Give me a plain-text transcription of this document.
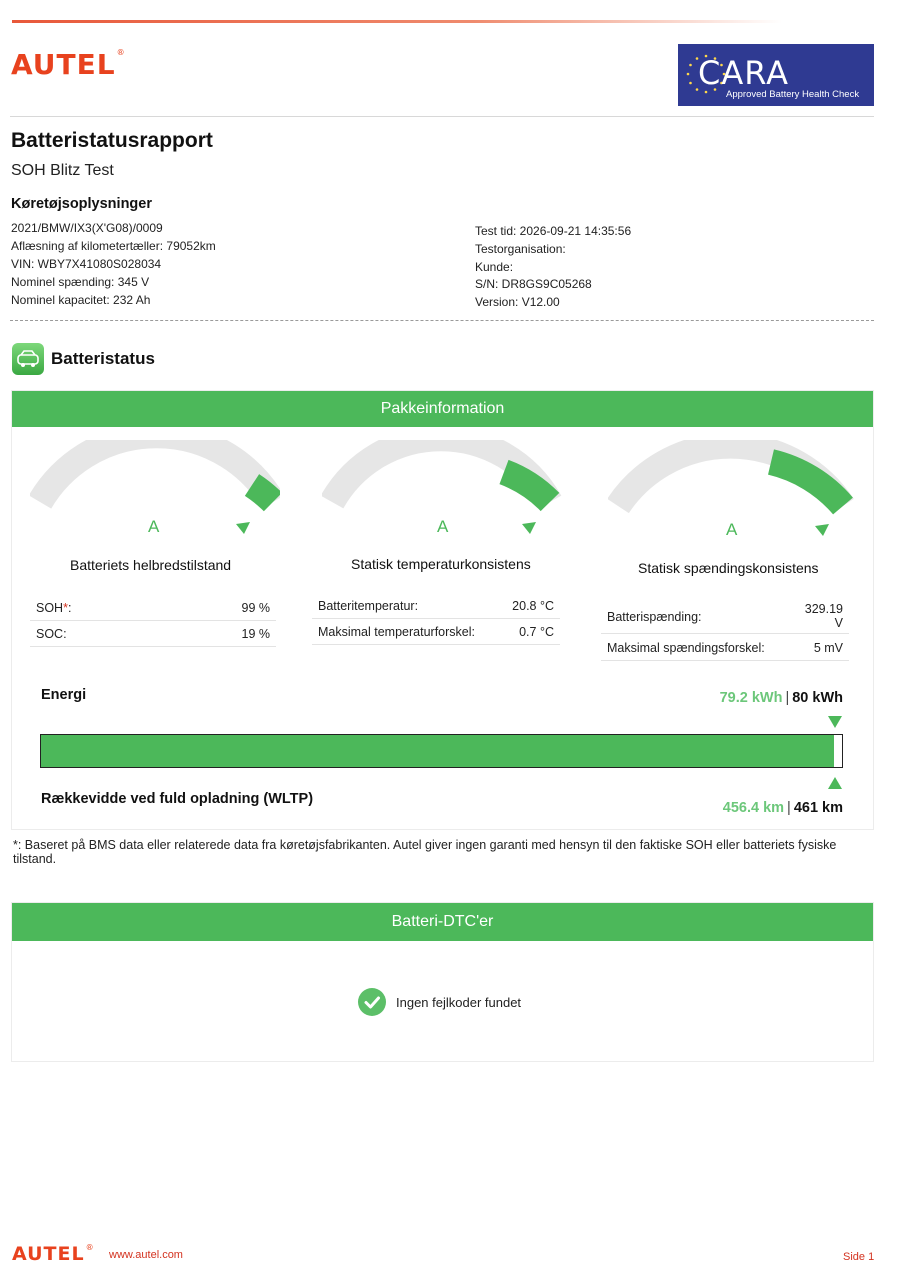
AUTEL®
CARA
Approved Battery Health Check
Batteristatusrapport
SOH Blitz Test
Køretøjsoplysninger
2021/BMW/IX3(X'G08)/0009
Aflæsning af kilometertæller: 79052km
VIN: WBY7X41080S028034
Nominel spænding: 345 V
Nominel kapacitet: 232 Ah
Test tid: 2026-09-21 14:35:56
Testorganisation:
Kunde:
S/N: DR8GS9C05268
Version: V12.00
Batteristatus
Pakkeinformation
A
Batteriets helbredstilstand
A
Statisk temperaturkonsistens
A
Statisk spændingskonsistens
SOH*:	99 %
SOC:	19 %
Batteritemperatur:	20.8 °C
Maksimal temperaturforskel:	0.7 °C
Batterispænding:
329.19
V
Maksimal spændingsforskel:	5 mV
Energi	79.2 kWh | 80 kWh
Rækkevidde ved fuld opladning (WLTP)
456.4 km | 461 km
*: Baseret på BMS data eller relaterede data fra køretøjsfabrikanten. Autel giver ingen garanti med hensyn til den faktiske SOH eller batteriets fysiske tilstand.
Batteri-DTC'er
Ingen fejlkoder fundet
AUTEL®
www.autel.com	Side 1
